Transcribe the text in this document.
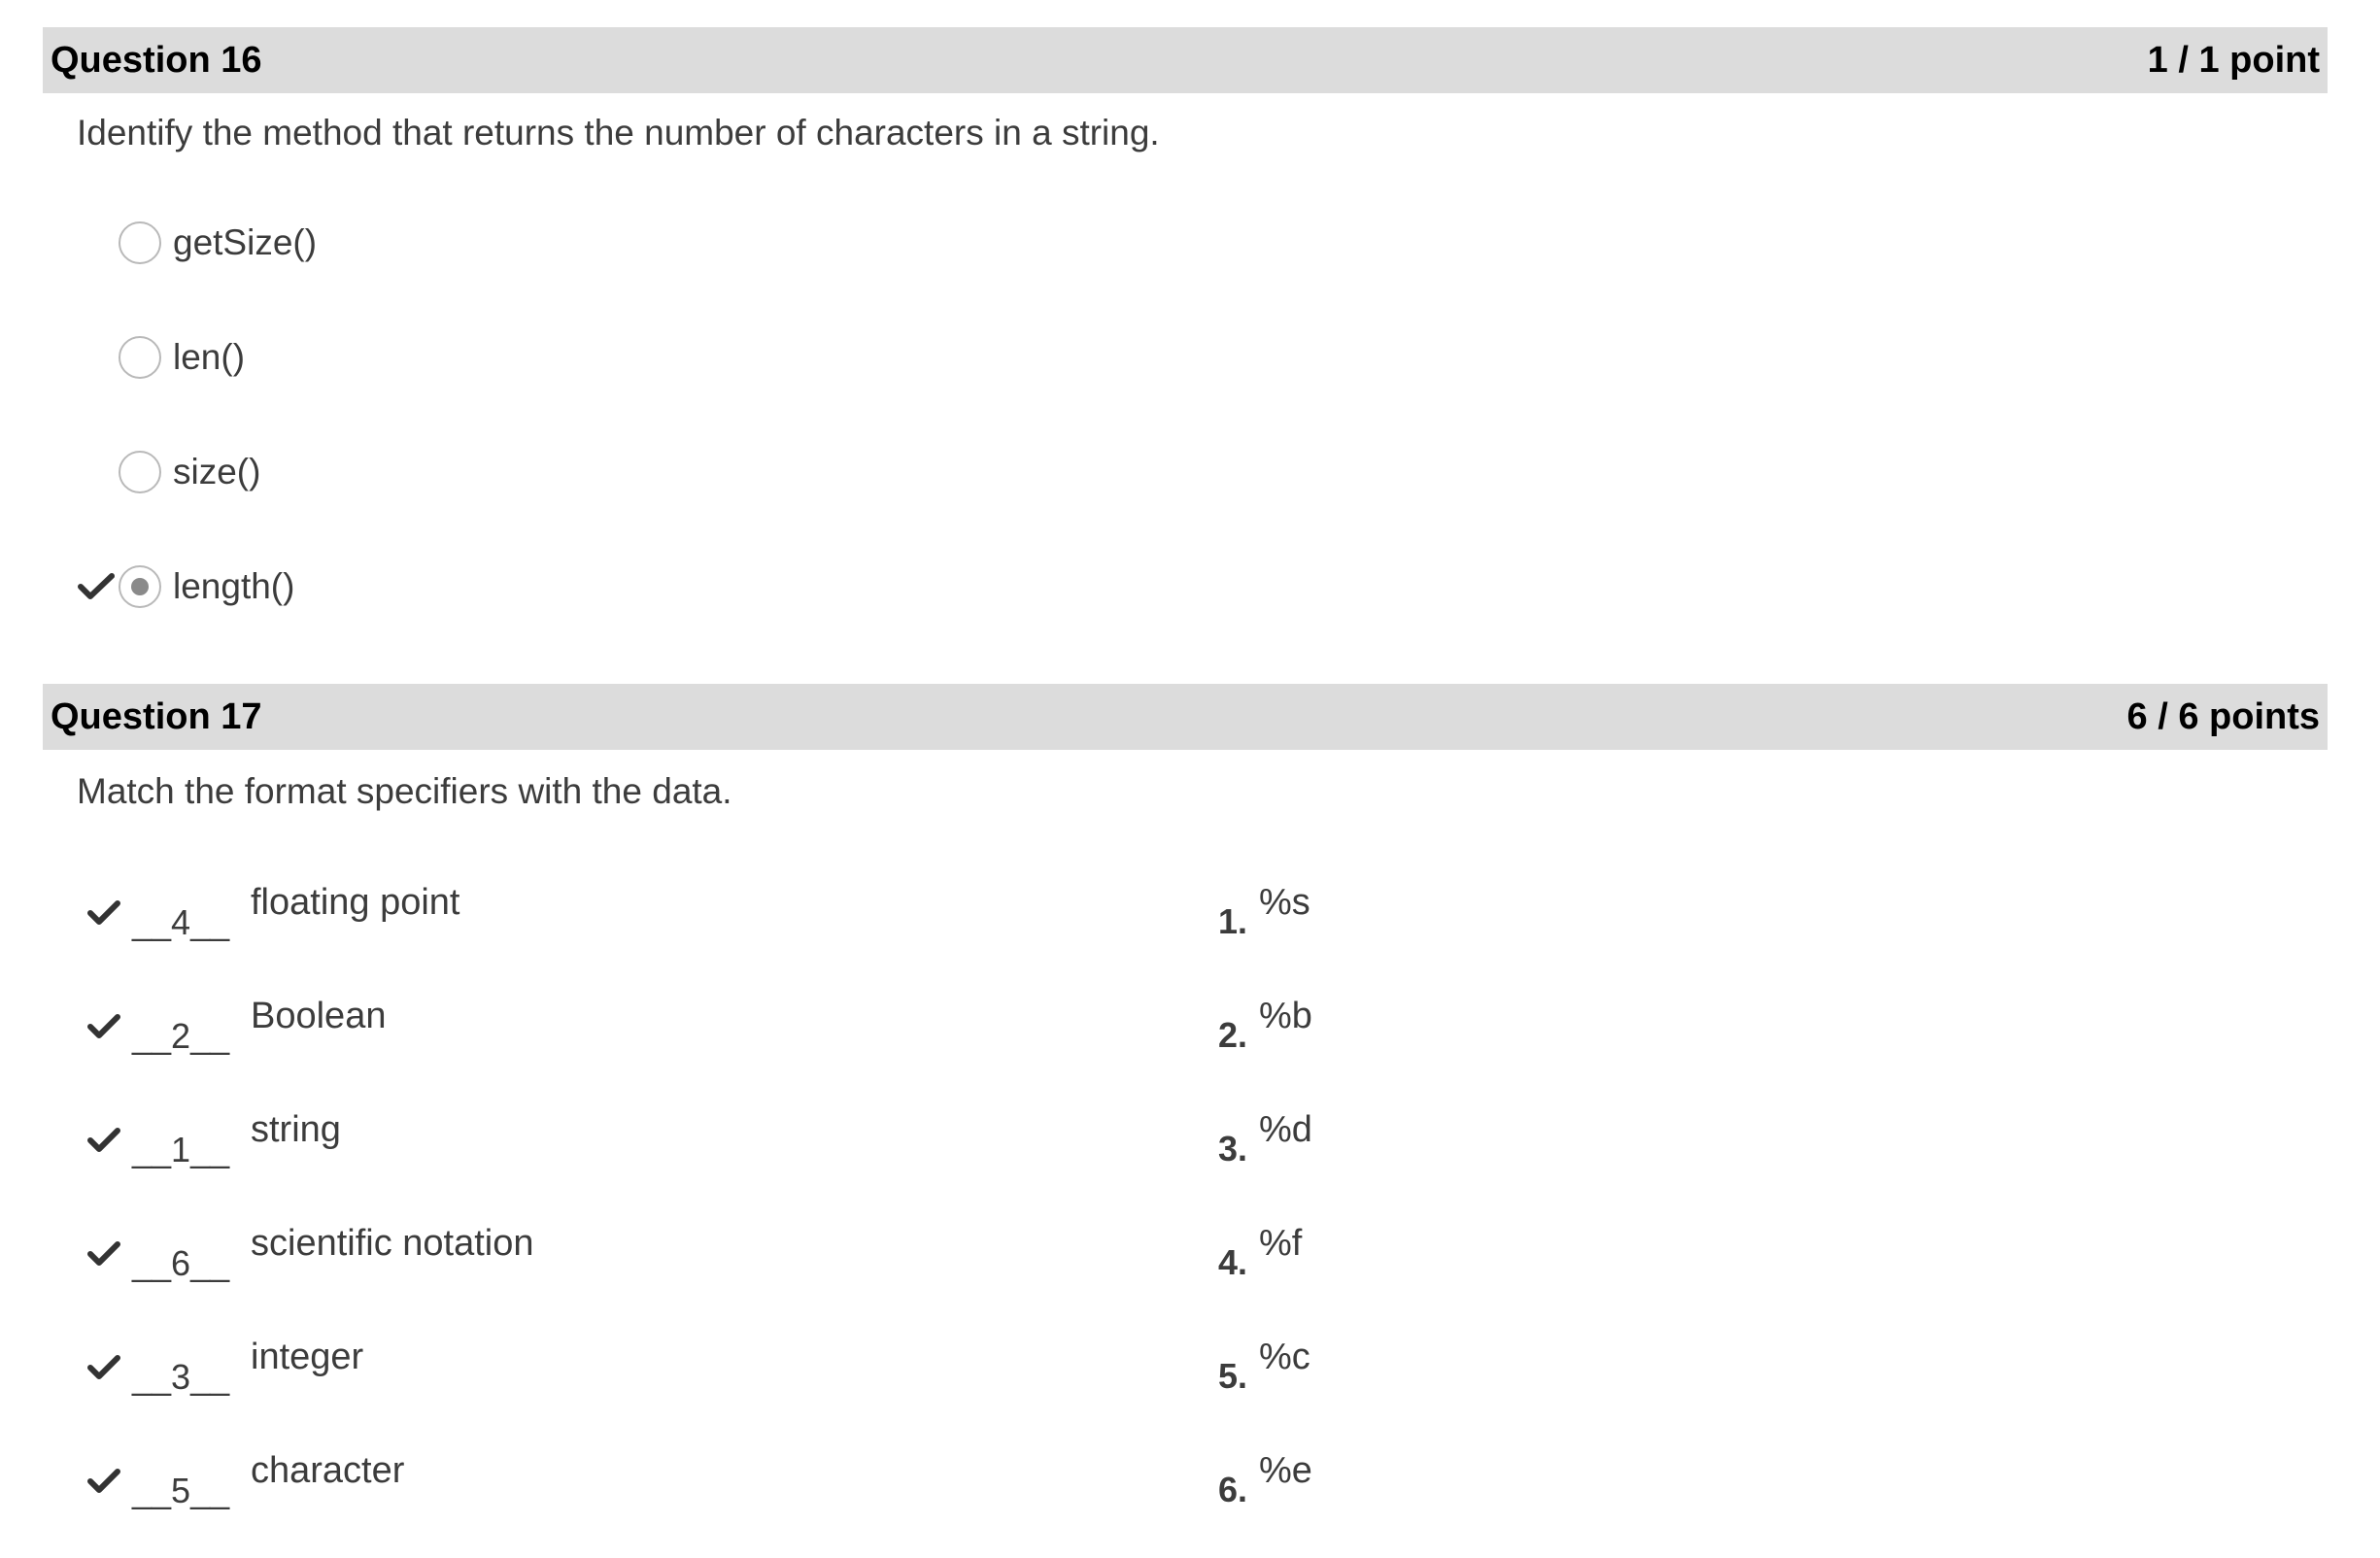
Question 16	1 / 1 point
Identify the method that returns the number of characters in a string.
getSize()
len()
size()
length()
Question 17	6 / 6 points
Match the format specifiers with the data.
__4__ floating point	1. %s
__2__ Boolean	2. %b
__1__ string	3. %d
__6__ scientific notation	4. %f
__3__ integer	5. %c
__5__ character	6. %e
